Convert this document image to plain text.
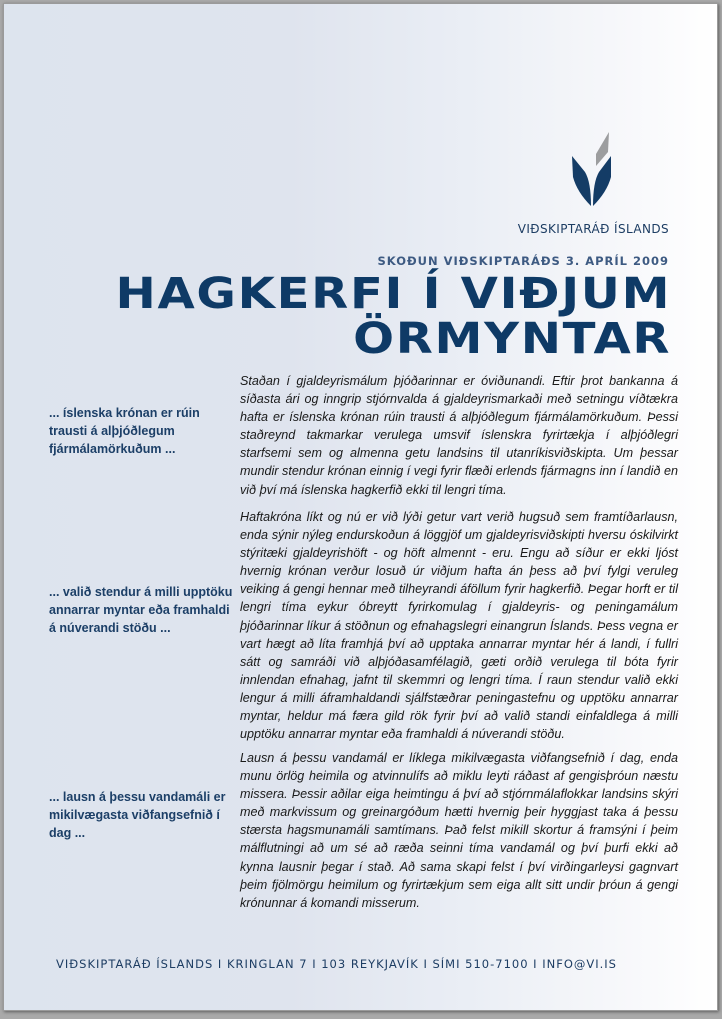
VIÐSKIPTARÁÐ ÍSLANDS
SKOÐUN VIÐSKIPTARÁÐS 3. APRÍL 2009
HAGKERFI Í VIÐJUM
ÖRMYNTAR
... íslenska krónan er rúin trausti á alþjóðlegum fjármálamörkuðum ...
... valið stendur á milli upptöku annarrar myntar eða framhaldi á núverandi stöðu ...
... lausn á þessu vandamáli er mikilvægasta viðfangsefnið í dag ...
Staðan í gjaldeyrismálum þjóðarinnar er óviðunandi. Eftir þrot bankanna á síðasta ári og inngrip stjórnvalda á gjaldeyrismarkaði með setningu víðtækra hafta er íslenska krónan rúin trausti á alþjóðlegum fjármálamörkuðum. Þessi staðreynd takmarkar verulega umsvif íslenskra fyrirtækja í alþjóðlegri starfsemi sem og almenna getu landsins til utanríkisviðskipta. Um þessar mundir stendur krónan einnig í vegi fyrir flæði erlends fjármagns inn í landið en við því má íslenska hagkerfið ekki til lengri tíma.
Haftakróna líkt og nú er við lýði getur vart verið hugsuð sem framtíðarlausn, enda sýnir nýleg endurskoðun á löggjöf um gjaldeyrisviðskipti hversu óskilvirkt stýritæki gjaldeyrishöft - og höft almennt - eru. Engu að síður er ekki ljóst hvernig krónan verður losuð úr viðjum hafta án þess að því fylgi veruleg veiking á gengi hennar með tilheyrandi áföllum fyrir hagkerfið. Þegar horft er til lengri tíma eykur óbreytt fyrirkomulag í gjaldeyris- og peningamálum þjóðarinnar líkur á stöðnun og efnahagslegri einangrun Íslands. Þess vegna er vart hægt að líta framhjá því að upptaka annarrar myntar hér á landi, í fullri sátt og samráði við alþjóðasamfélagið, gæti orðið verulega til bóta fyrir innlendan efnahag, jafnt til skemmri og lengri tíma. Í raun stendur valið ekki lengur á milli áframhaldandi sjálfstæðrar peningastefnu og upptöku annarrar myntar, heldur má færa gild rök fyrir því að valið standi einfaldlega á milli upptöku annarrar myntar eða framhaldi á núverandi stöðu.
Lausn á þessu vandamál er líklega mikilvægasta viðfangsefnið í dag, enda munu örlög heimila og atvinnulífs að miklu leyti ráðast af gengisþróun næstu missera. Þessir aðilar eiga heimtingu á því að stjórnmálaflokkar landsins skýri með markvissum og greinargóðum hætti hvernig þeir hyggjast taka á þessu stærsta hagsmunamáli samtímans. Það felst mikill skortur á framsýni í þeim málflutningi að um sé að ræða seinni tíma vandamál og því þurfi ekki að kynna lausnir þegar í stað. Að sama skapi felst í því virðingarleysi gagnvart þeim fjölmörgu heimilum og fyrirtækjum sem eiga allt sitt undir þróun á gengi krónunnar á komandi misserum.
VIÐSKIPTARÁÐ ÍSLANDS I KRINGLAN 7 I 103 REYKJAVÍK I SÍMI 510-7100 I INFO@VI.IS
